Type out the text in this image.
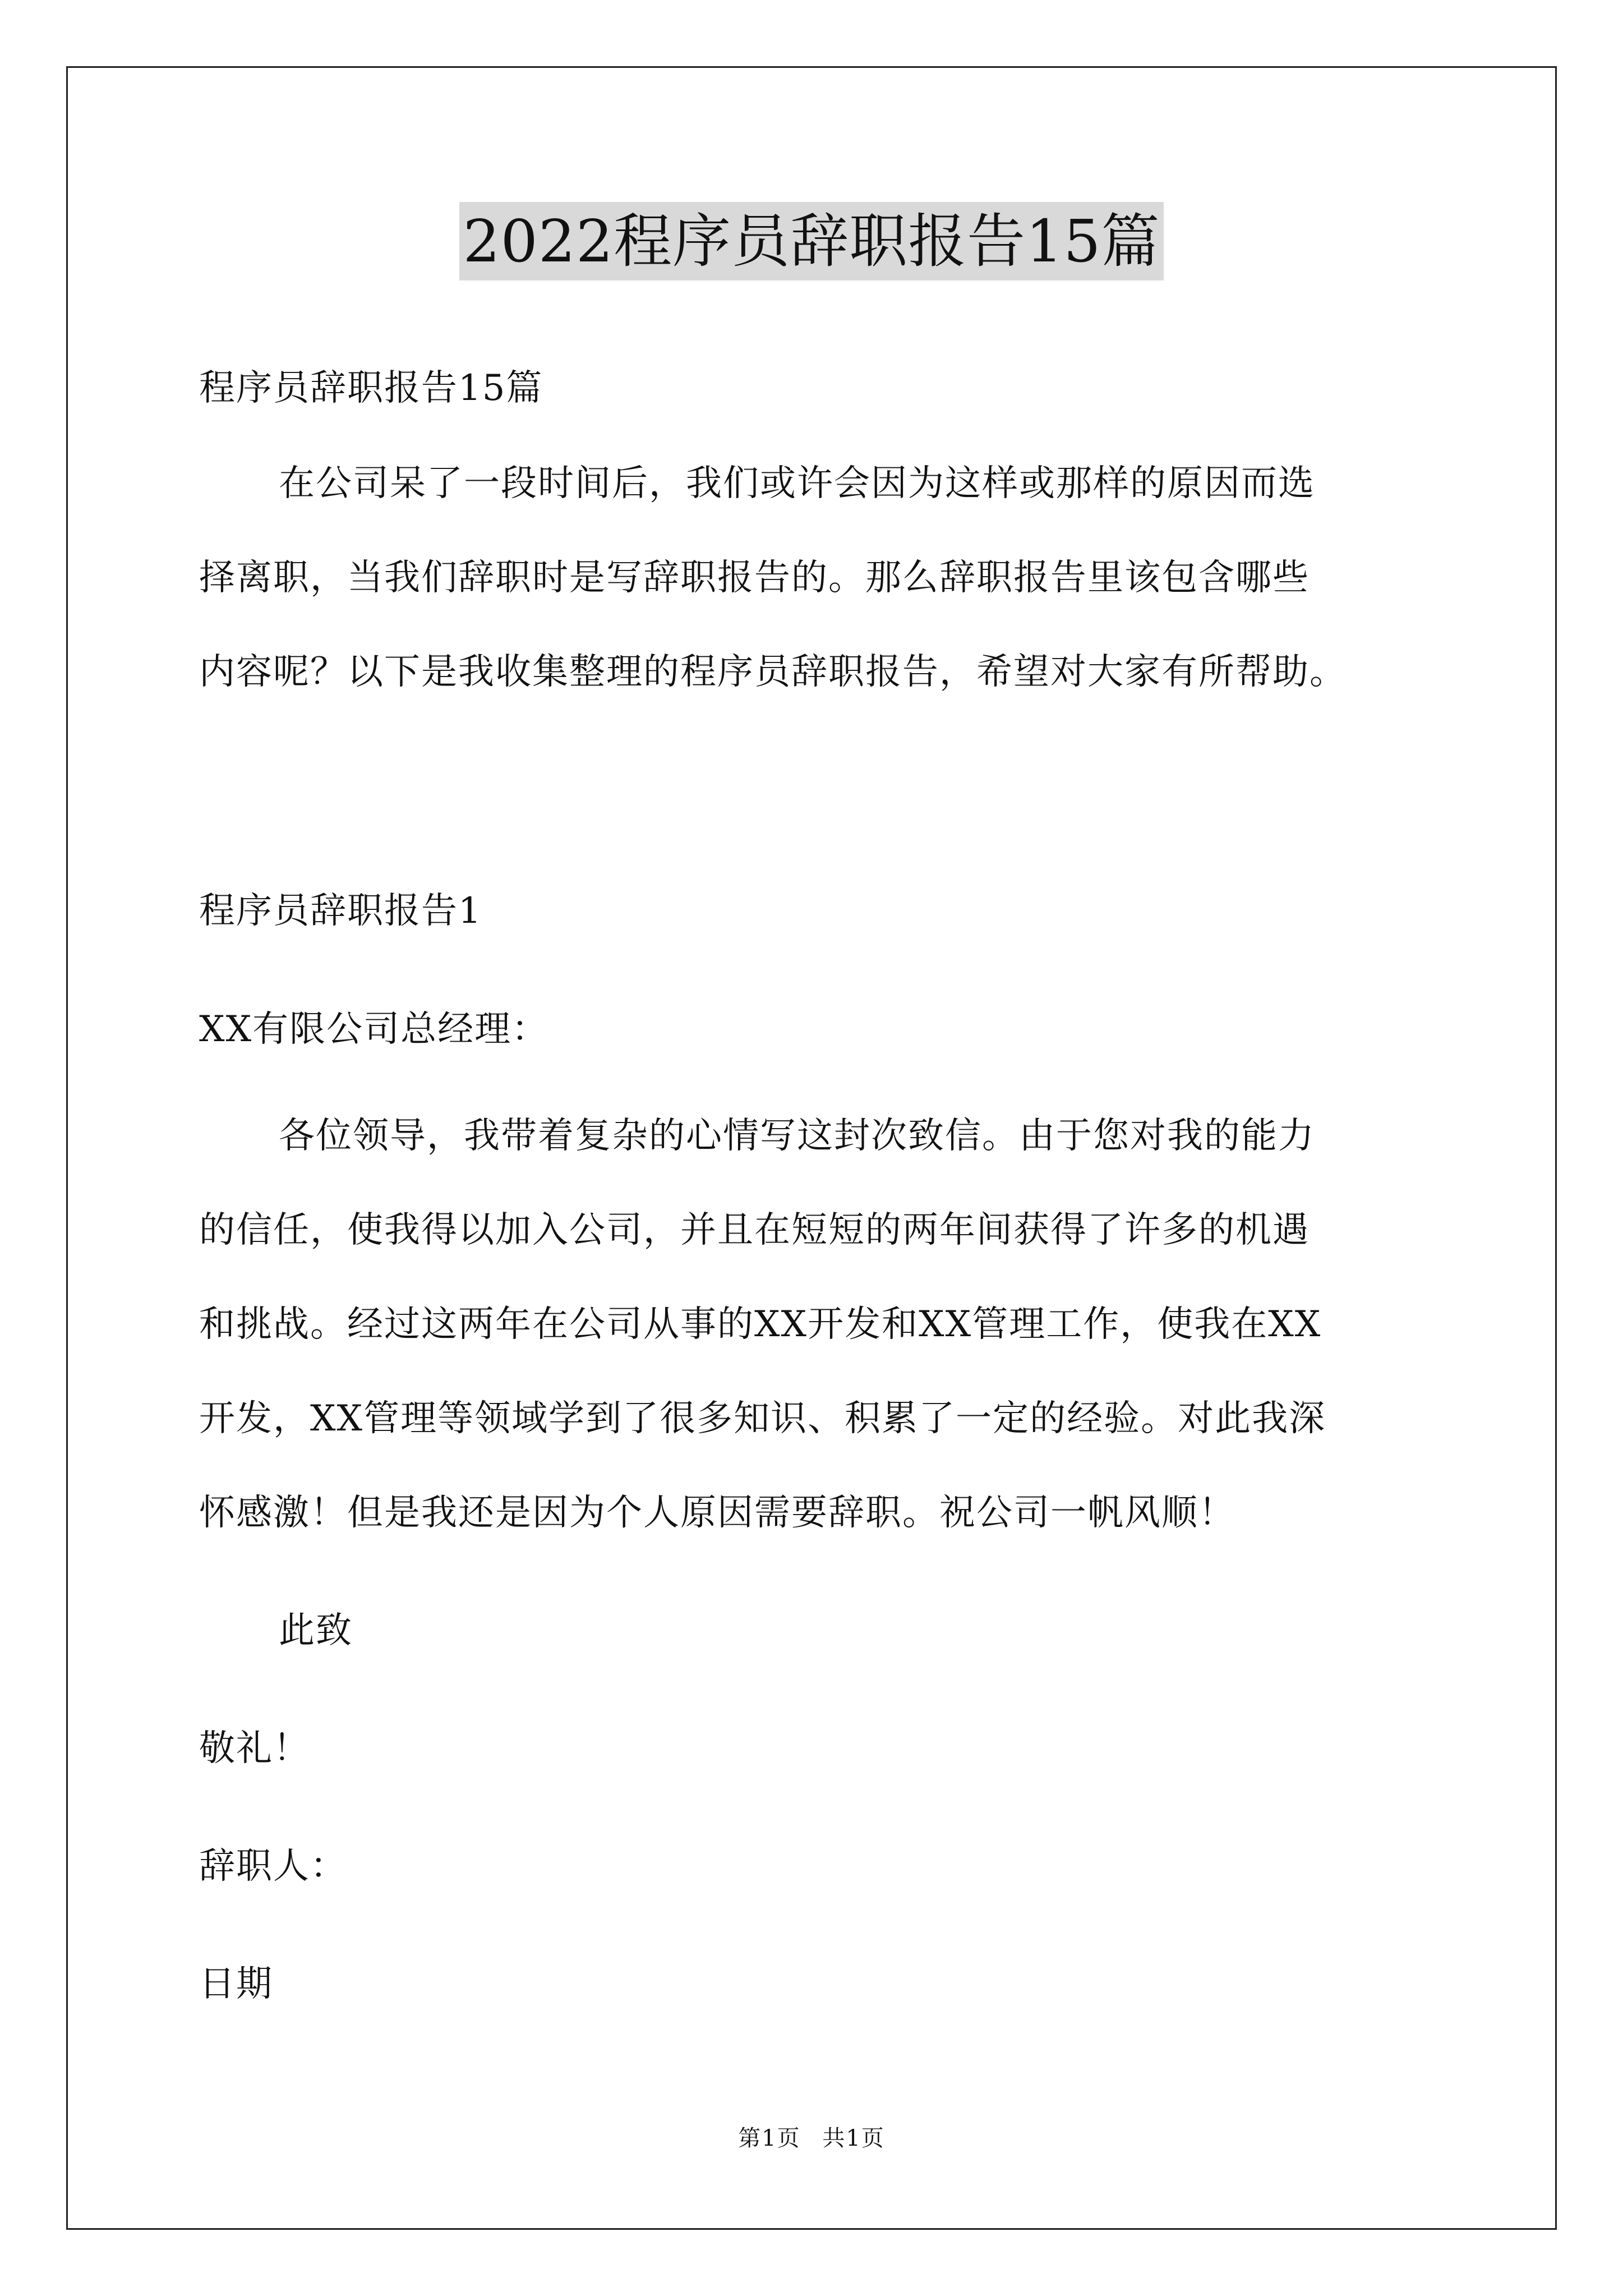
2022程序员辞职报告15篇
程序员辞职报告15篇
在公司呆了一段时间后，我们或许会因为这样或那样的原因而选
择离职，当我们辞职时是写辞职报告的。那么辞职报告里该包含哪些
内容呢？以下是我收集整理的程序员辞职报告，希望对大家有所帮助。
程序员辞职报告1
XX有限公司总经理：
各位领导，我带着复杂的心情写这封次致信。由于您对我的能力
的信任，使我得以加入公司，并且在短短的两年间获得了许多的机遇
和挑战。经过这两年在公司从事的XX开发和XX管理工作，使我在XX
开发，XX管理等领域学到了很多知识、积累了一定的经验。对此我深
怀感激！但是我还是因为个人原因需要辞职。祝公司一帆风顺！
此致
敬礼！
辞职人：
日期
第1页 共1页
